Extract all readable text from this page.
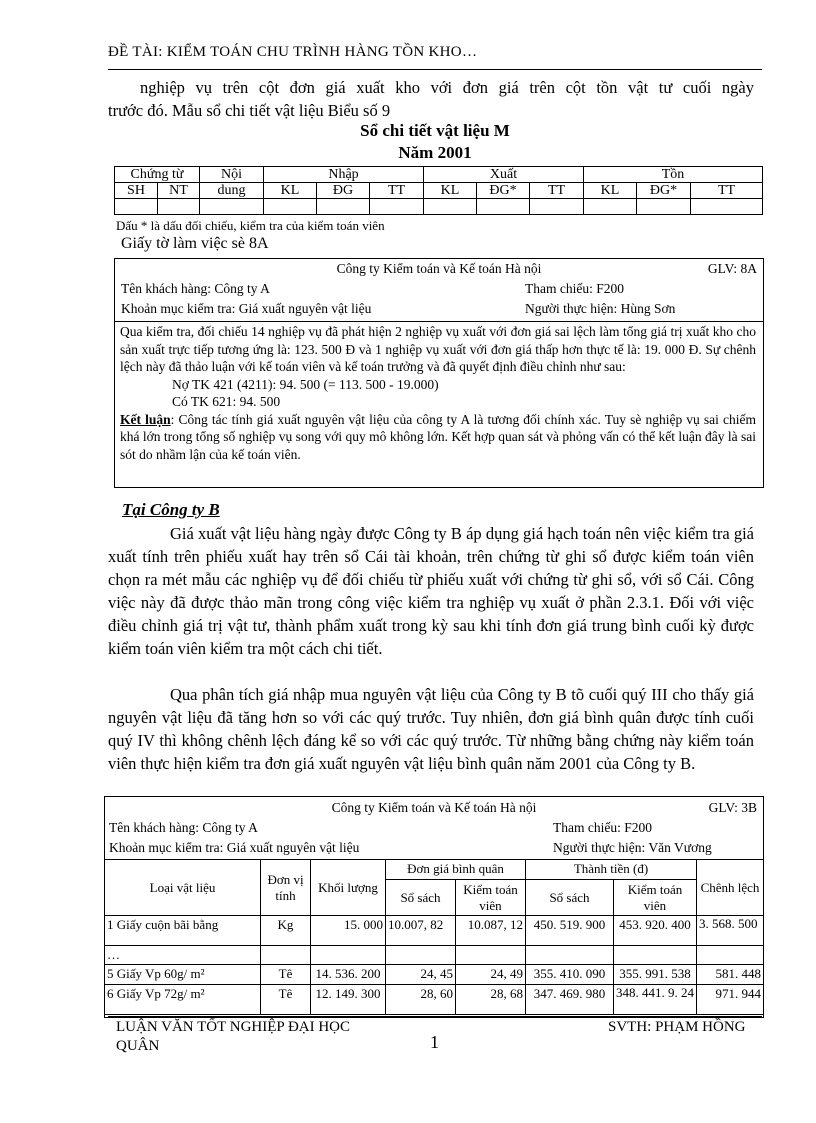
ĐỀ TÀI: KIỂM TOÁN CHU TRÌNH HÀNG TỒN KHO…
nghiệp vụ trên cột đơn giá xuất kho với đơn giá trên cột tồn vật tư cuối ngày
trước đó. Mẫu sổ chi tiết vật liệu Biểu số 9
Sổ chi tiết vật liệu M
Năm 2001
Chứng từ		Nội	Nhập			Xuất			Tồn		
SH	NT	dung	KL	ĐG	TT	KL	ĐG*	TT	KL	ĐG*	TT

Dấu * là dấu đối chiếu, kiểm tra của kiểm toán viên
Giấy tờ làm việc sè 8A
Công ty Kiểm toán và Kế toán Hà nội	GLV: 8A
Tên khách hàng: Công ty A	Tham chiếu: F200
Khoản mục kiểm tra: Giá xuất nguyên vật liệu	Người thực hiện: Hùng Sơn
Qua kiểm tra, đối chiếu 14 nghiệp vụ đã phát hiện 2 nghiệp vụ xuất với đơn giá sai lệch làm tổng giá trị xuất kho cho sản xuất trực tiếp tương ứng là: 123. 500 Đ và 1 nghiệp vụ xuất với đơn giá thấp hơn thực tế là: 19. 000 Đ. Sự chênh lệch này đã thảo luận với kế toán viên và kế toán trưởng và đã quyết định điều chỉnh như sau:
Nợ TK 421 (4211): 94. 500 (= 113. 500 - 19.000)
Có TK 621: 94. 500
Kết luận: Công tác tính giá xuất nguyên vật liệu của công ty A là tương đối chính xác. Tuy sè nghiệp vụ sai chiếm khá lớn trong tổng số nghiệp vụ song với quy mô không lớn. Kết hợp quan sát và phỏng vấn có thể kết luận đây là sai sót do nhầm lận của kế toán viên.
Tại Công ty B
Giá xuất vật liệu hàng ngày được Công ty B áp dụng giá hạch toán nên việc kiểm tra giá xuất tính trên phiếu xuất hay trên sổ Cái tài khoản, trên chứng từ ghi sổ được kiểm toán viên chọn ra mét mẫu các nghiệp vụ để đối chiếu từ phiếu xuất với chứng từ ghi sổ, với sổ Cái. Công việc này đã được thảo mãn trong công việc kiểm tra nghiệp vụ xuất ở phần 2.3.1. Đối với việc điều chỉnh giá trị vật tư, thành phẩm xuất trong kỳ sau khi tính đơn giá trung bình cuối kỳ được kiểm toán viên kiểm tra một cách chi tiết.
Qua phân tích giá nhập mua nguyên vật liệu của Công ty B tõ cuối quý III cho thấy giá nguyên vật liệu đã tăng hơn so với các quý trước. Tuy nhiên, đơn giá bình quân được tính cuối quý IV thì không chênh lệch đáng kể so với các quý trước. Từ những bằng chứng này kiểm toán viên thực hiện kiểm tra đơn giá xuất nguyên vật liệu bình quân năm 2001 của Công ty B.
Công ty Kiểm toán và Kế toán Hà nội	GLV: 3B
Tên khách hàng: Công ty A	Tham chiếu: F200
Khoản mục kiểm tra: Giá xuất nguyên vật liệu	Người thực hiện: Văn Vương
Loại vật liệu	Đơn vị tính	Khối lượng	Đơn giá bình quân		Thành tiền (đ)		Chênh lệch
			Sổ sách	Kiểm toán viên	Sổ sách	Kiểm toán viên	
1 Giấy cuộn bãi bằng	Kg	15. 000	10.007, 82	10.087, 12	450. 519. 900	453. 920. 400	3. 568. 500
…							
5 Giấy Vp 60g/ m²	Tê	14. 536. 200	24, 45	24, 49	355. 410. 090	355. 991. 538	581. 448
6 Giấy Vp 72g/ m²	Tê	12. 149. 300	28, 60	28, 68	347. 469. 980	348. 441. 9. 24	971. 944
LUẬN VĂN TỐT NGHIỆP ĐẠI HỌC
QUÂN	1
SVTH: PHẠM HỒNG
